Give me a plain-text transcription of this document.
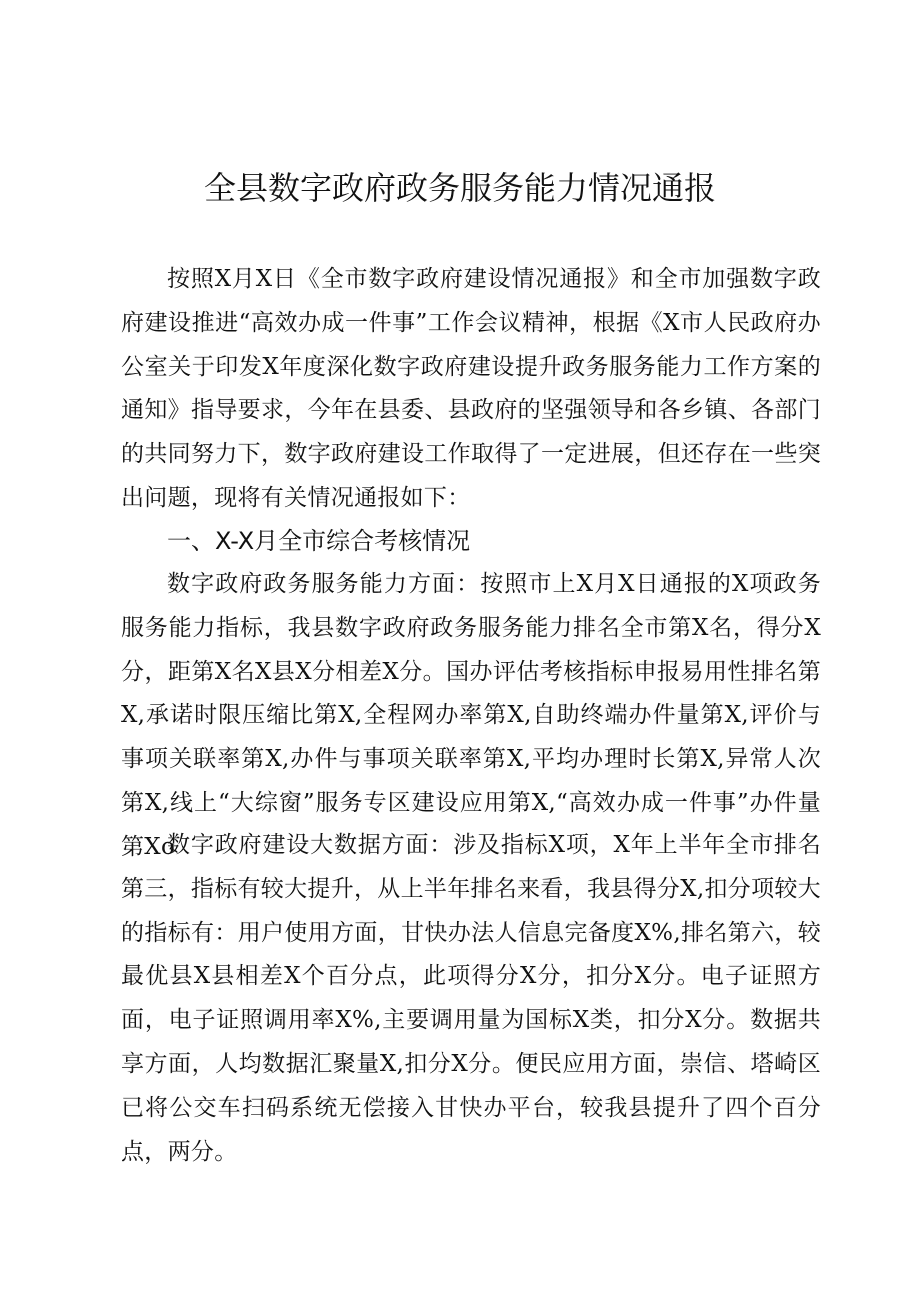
全县数字政府政务服务能力情况通报

按照X月X日《全市数字政府建设情况通报》和全市加强数字政府建设推进“高效办成一件事”工作会议精神，根据《X市人民政府办公室关于印发X年度深化数字政府建设提升政务服务能力工作方案的通知》指导要求，今年在县委、县政府的坚强领导和各乡镇、各部门的共同努力下，数字政府建设工作取得了一定进展，但还存在一些突出问题，现将有关情况通报如下：

一、X-X月全市综合考核情况

数字政府政务服务能力方面：按照市上X月X日通报的X项政务服务能力指标，我县数字政府政务服务能力排名全市第X名，得分X分，距第X名X县X分相差X分。国办评估考核指标申报易用性排名第X,承诺时限压缩比第X,全程网办率第X,自助终端办件量第X,评价与事项关联率第X,办件与事项关联率第X,平均办理时长第X,异常人次第X,线上“大综窗”服务专区建设应用第X,“高效办成一件事”办件量第Xo

数字政府建设大数据方面：涉及指标X项，X年上半年全市排名第三，指标有较大提升，从上半年排名来看，我县得分X,扣分项较大的指标有：用户使用方面，甘快办法人信息完备度X%,排名第六，较最优县X县相差X个百分点，此项得分X分，扣分X分。电子证照方面，电子证照调用率X%,主要调用量为国标X类，扣分X分。数据共享方面，人均数据汇聚量X,扣分X分。便民应用方面，崇信、塔崎区已将公交车扫码系统无偿接入甘快办平台，较我县提升了四个百分点，两分。
